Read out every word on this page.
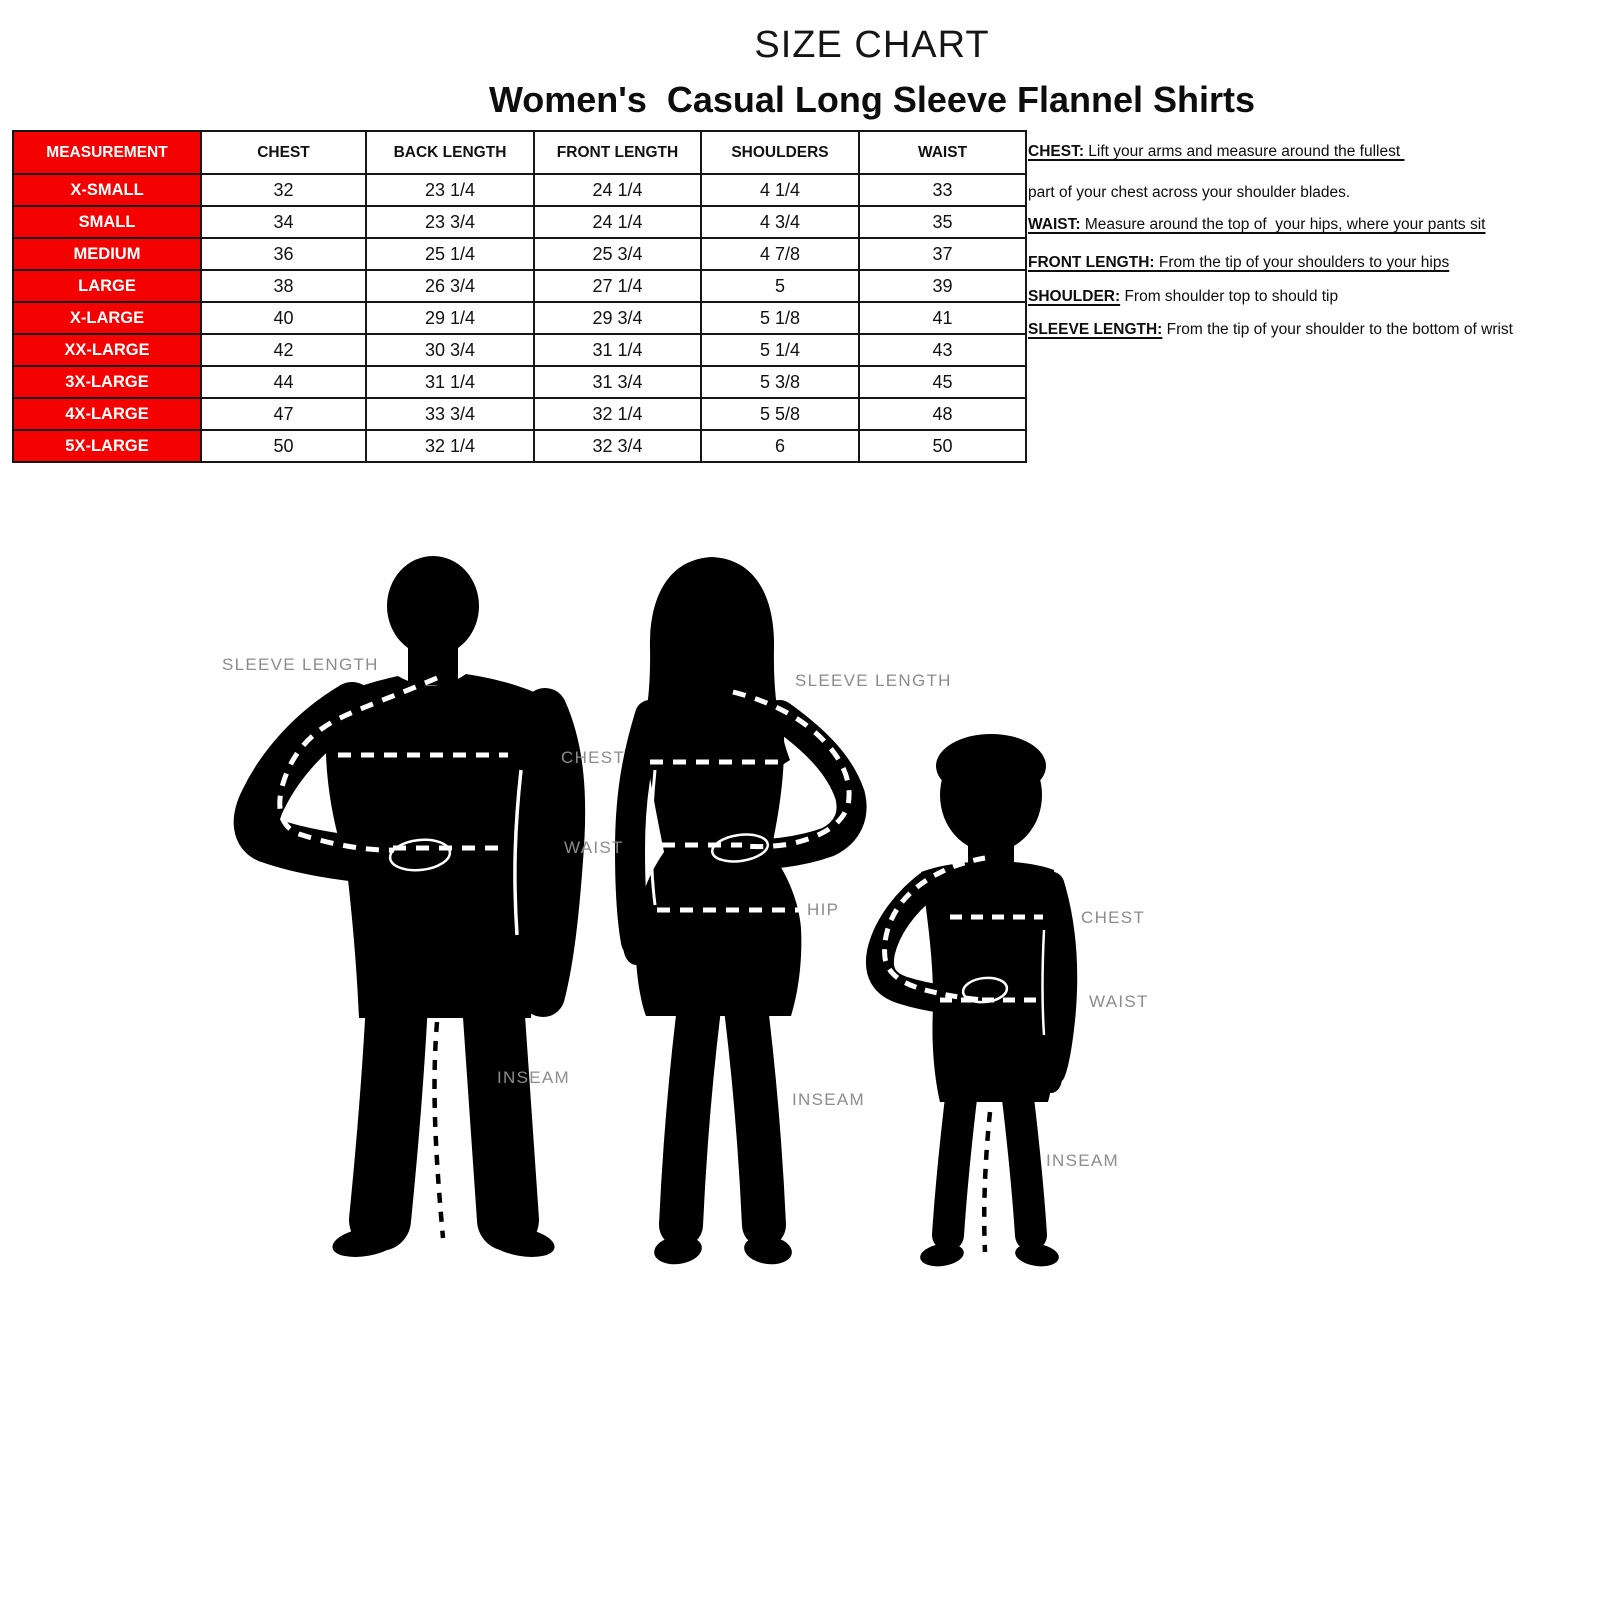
SIZE CHART
Women's  Casual Long Sleeve Flannel Shirts
MEASUREMENT	CHEST	BACK LENGTH	FRONT LENGTH	SHOULDERS	WAIST
X-SMALL	32	23 1/4	24 1/4	4 1/4	33
SMALL	34	23 3/4	24 1/4	4 3/4	35
MEDIUM	36	25 1/4	25 3/4	4 7/8	37
LARGE	38	26 3/4	27 1/4	5	39
X-LARGE	40	29 1/4	29 3/4	5 1/8	41
XX-LARGE	42	30 3/4	31 1/4	5 1/4	43
3X-LARGE	44	31 1/4	31 3/4	5 3/8	45
4X-LARGE	47	33 3/4	32 1/4	5 5/8	48
5X-LARGE	50	32 1/4	32 3/4	6	50
CHEST: Lift your arms and measure around the fullest
part of your chest across your shoulder blades.
WAIST: Measure around the top of  your hips, where your pants sit
FRONT LENGTH: From the tip of your shoulders to your hips
SHOULDER: From shoulder top to should tip
SLEEVE LENGTH: From the tip of your shoulder to the bottom of wrist
SLEEVE LENGTH
CHEST
WAIST
INSEAM
SLEEVE LENGTH
HIP
INSEAM
CHEST
WAIST
INSEAM
